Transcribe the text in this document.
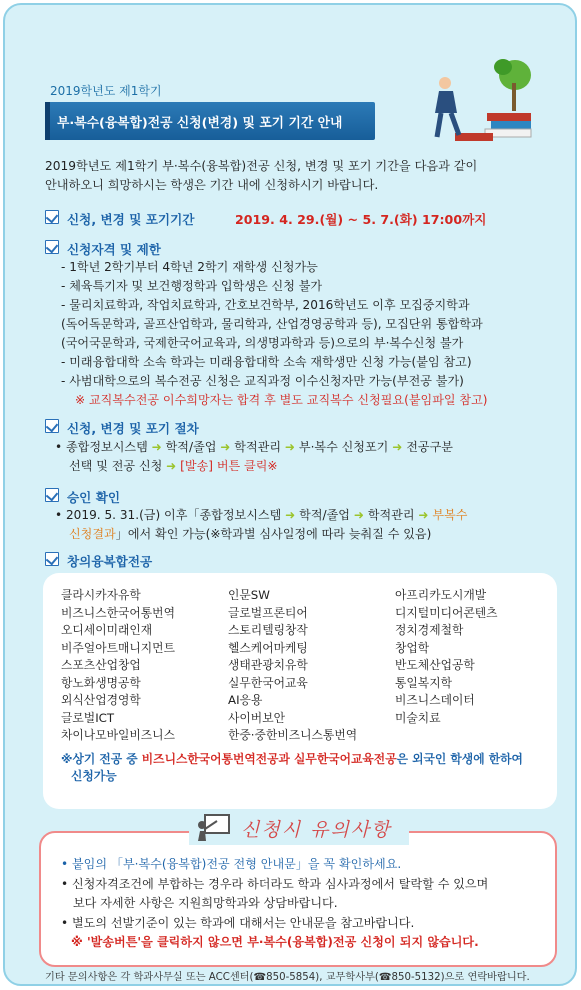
2019학년도 제1학기
부·복수(융복합)전공 신청(변경) 및 포기 기간 안내
2019학년도 제1학기 부·복수(융복합)전공 신청, 변경 및 포기 기간을 다음과 같이
안내하오니 희망하시는 학생은 기간 내에 신청하시기 바랍니다.
신청, 변경 및 포기기간	2019. 4. 29.(월) ~ 5. 7.(화) 17:00까지
신청자격 및 제한
- 1학년 2학기부터 4학년 2학기 재학생 신청가능
- 체육특기자 및 보건행정학과 입학생은 신청 불가
- 물리치료학과, 작업치료학과, 간호보건학부, 2016학년도 이후 모집중지학과
(독어독문학과, 골프산업학과, 물리학과, 산업경영공학과 등), 모집단위 통합학과
(국어국문학과, 국제한국어교육과, 의생명과학과 등)으로의 부·복수신청 불가
- 미래융합대학 소속 학과는 미래융합대학 소속 재학생만 신청 가능(붙임 참고)
- 사범대학으로의 복수전공 신청은 교직과정 이수신청자만 가능(부전공 불가)
※ 교직복수전공 이수희망자는 합격 후 별도 교직복수 신청필요(붙임파일 참고)
신청, 변경 및 포기 절차
• 종합정보시스템 ➜ 학적/졸업 ➜ 학적관리 ➜ 부·복수 신청포기 ➜ 전공구분
선택 및 전공 신청 ➜ [발송] 버튼 클릭※
승인 확인
• 2019. 5. 31.(금) 이후「종합정보시스템 ➜ 학적/졸업 ➜ 학적관리 ➜ 부복수
신청결과」에서 확인 가능(※학과별 심사일정에 따라 늦춰질 수 있음)
창의융복합전공
클라시카자유학
비즈니스한국어통번역
오디세이미래인재
비주얼아트매니지먼트
스포츠산업창업
항노화생명공학
외식산업경영학
글로벌ICT
차이나모바일비즈니스
인문SW
글로벌프론티어
스토리텔링창작
헬스케어마케팅
생태관광치유학
실무한국어교육
AI응용
사이버보안
한중·중한비즈니스통번역
아프리카도시개발
디지털미디어콘텐츠
정치경제철학
창업학
반도체산업공학
통일복지학
비즈니스데이터
미술치료
※상기 전공 중 비즈니스한국어통번역전공과 실무한국어교육전공은 외국인 학생에 한하여
신청가능
• 붙임의 「부·복수(융복합)전공 전형 안내문」을 꼭 확인하세요.
• 신청자격조건에 부합하는 경우라 하더라도 학과 심사과정에서 탈락할 수 있으며
보다 자세한 사항은 지원희망학과와 상담바랍니다.
• 별도의 선발기준이 있는 학과에 대해서는 안내문을 참고바랍니다.
※ '발송버튼'을 클릭하지 않으면 부·복수(융복합)전공 신청이 되지 않습니다.
신청시 유의사항
기타 문의사항은 각 학과사무실 또는 ACC센터(☎850-5854), 교무학사부(☎850-5132)으로 연락바랍니다.
